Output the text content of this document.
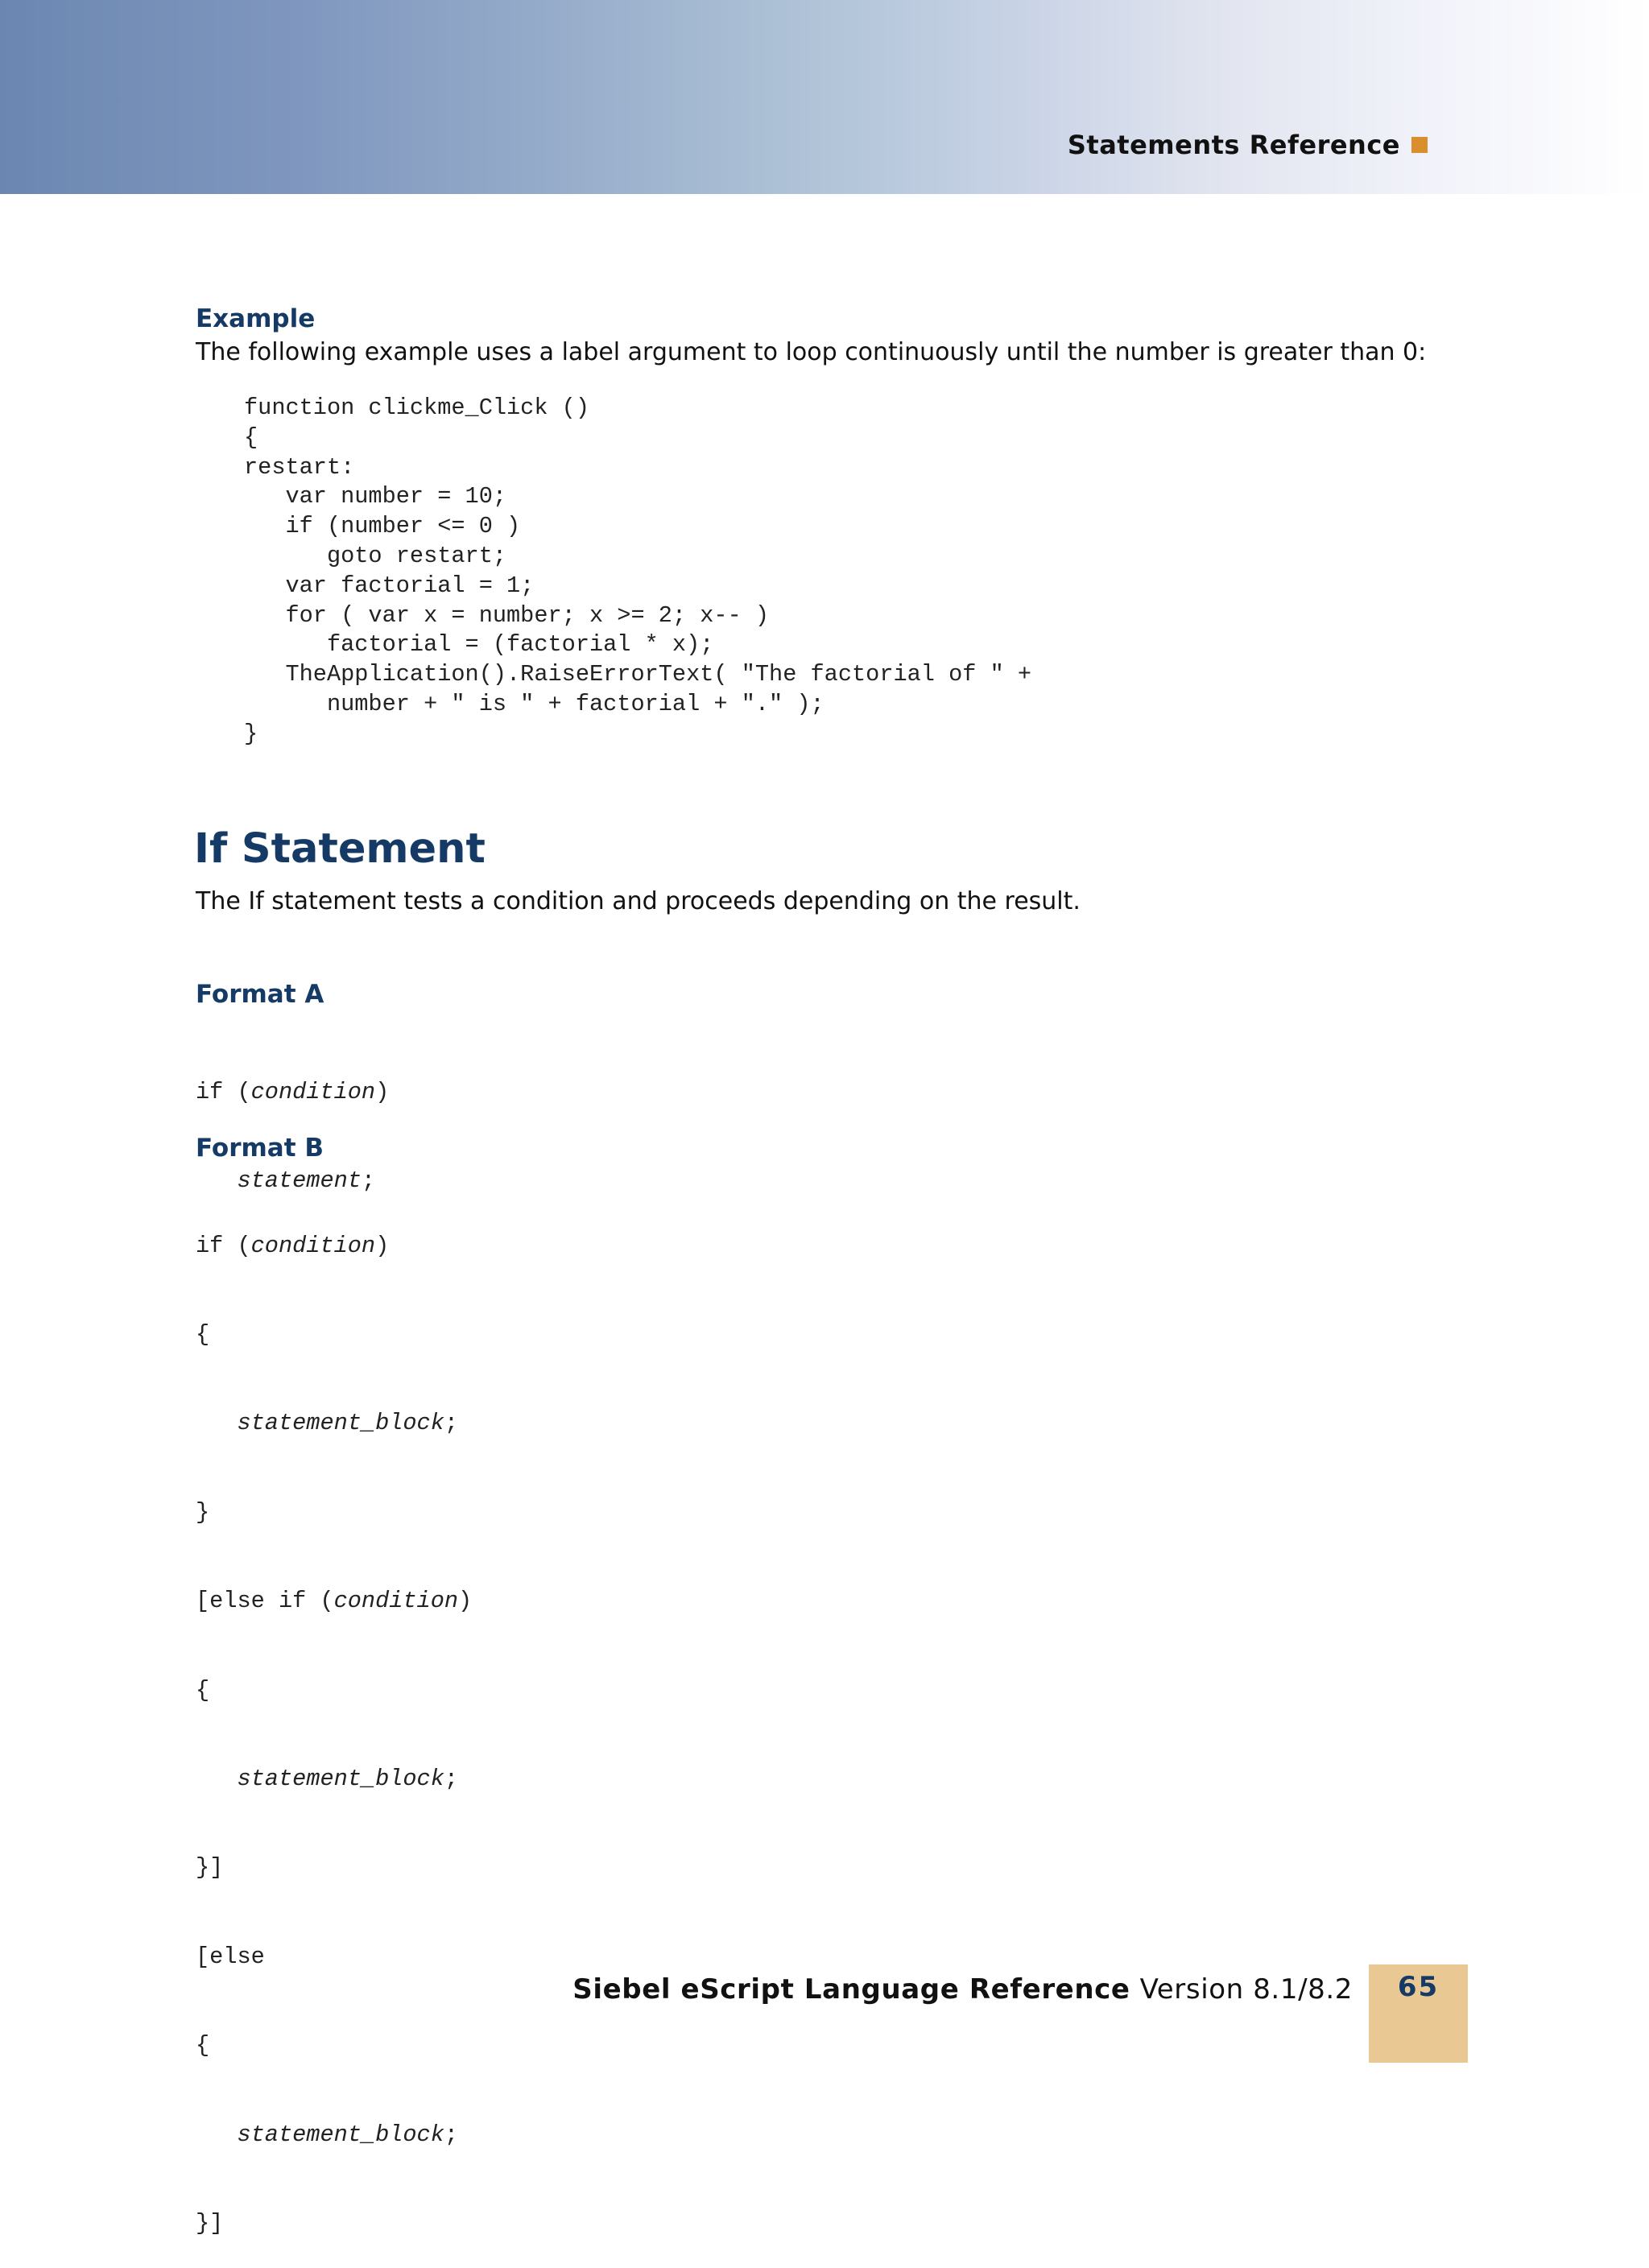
Statements Reference
Example

The following example uses a label argument to loop continuously until the number is greater than 0:

function clickme_Click ()
{
restart:
var number = 10;
if (number <= 0 )
goto restart;
var factorial = 1;
for ( var x = number; x >= 2; x-- )
factorial = (factorial * x);
TheApplication().RaiseErrorText( "The factorial of " +
number + " is " + factorial + "." );
}
If Statement

The If statement tests a condition and proceeds depending on the result.

Format A

if (condition)

statement;

Format B

if (condition)

{

statement_block;

}

[else if (condition)

{

statement_block;

}]

[else

{

statement_block;

}]

Siebel eScript Language Reference Version 8.1/8.2	65
